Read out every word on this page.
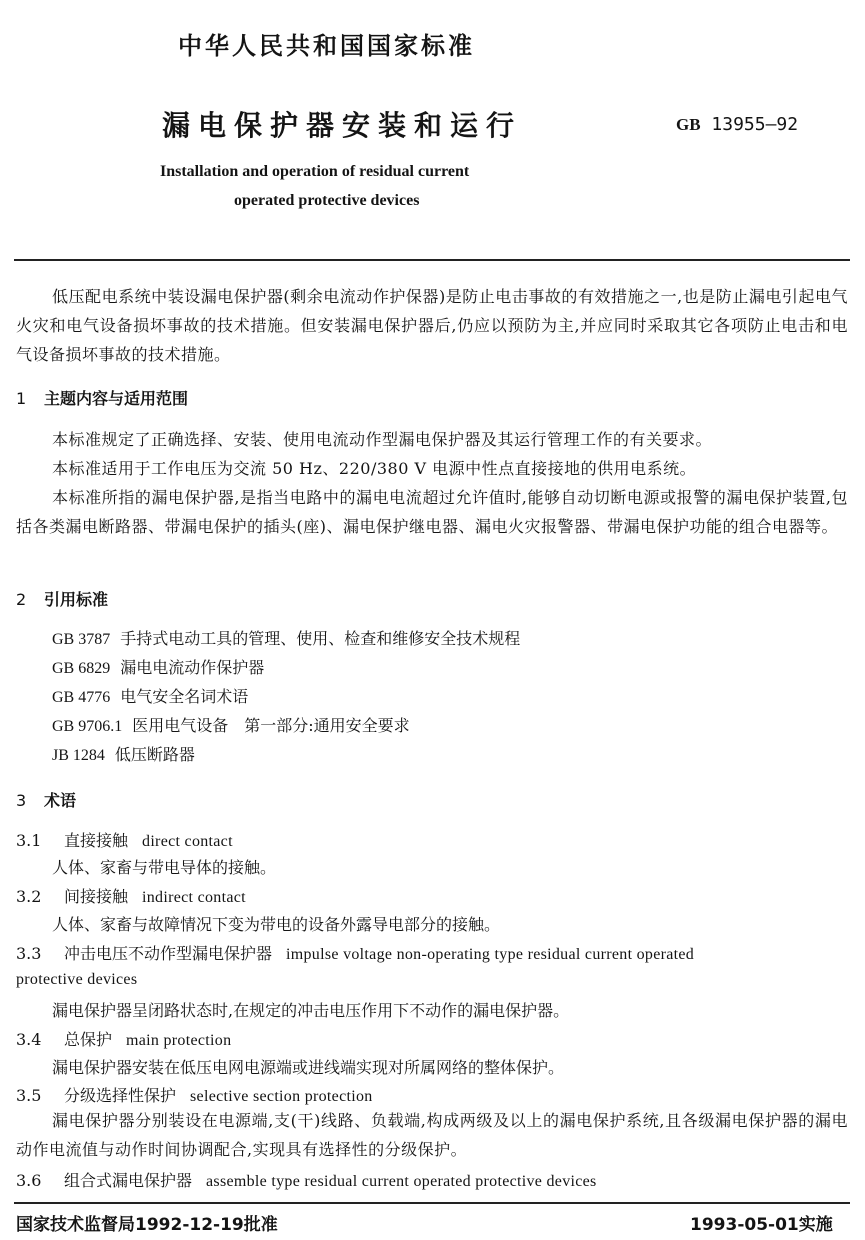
中华人民共和国国家标准
漏电保护器安装和运行	GB 13955—92
Installation and operation of residual current
operated protective devices
低压配电系统中装设漏电保护器(剩余电流动作护保器)是防止电击事故的有效措施之一,也是防止漏电引起电气火灾和电气设备损坏事故的技术措施。但安装漏电保护器后,仍应以预防为主,并应同时采取其它各项防止电击和电气设备损坏事故的技术措施。
1 主题内容与适用范围
本标准规定了正确选择、安装、使用电流动作型漏电保护器及其运行管理工作的有关要求。
本标准适用于工作电压为交流 50 Hz、220/380 V 电源中性点直接接地的供用电系统。
本标准所指的漏电保护器,是指当电路中的漏电电流超过允许值时,能够自动切断电源或报警的漏电保护装置,包括各类漏电断路器、带漏电保护的插头(座)、漏电保护继电器、漏电火灾报警器、带漏电保护功能的组合电器等。
2 引用标准
GB 3787 手持式电动工具的管理、使用、检查和维修安全技术规程
GB 6829 漏电电流动作保护器
GB 4776 电气安全名词术语
GB 9706.1 医用电气设备　第一部分:通用安全要求
JB 1284 低压断路器
3 术语
3.1 直接接触 direct contact
人体、家畜与带电导体的接触。
3.2 间接接触 indirect contact
人体、家畜与故障情况下变为带电的设备外露导电部分的接触。
3.3 冲击电压不动作型漏电保护器 impulse voltage non-operating type residual current operated
protective devices
漏电保护器呈闭路状态时,在规定的冲击电压作用下不动作的漏电保护器。
3.4 总保护 main protection
漏电保护器安装在低压电网电源端或进线端实现对所属网络的整体保护。
3.5 分级选择性保护 selective section protection
漏电保护器分别装设在电源端,支(干)线路、负载端,构成两级及以上的漏电保护系统,且各级漏电保护器的漏电动作电流值与动作时间协调配合,实现具有选择性的分级保护。
3.6 组合式漏电保护器 assemble type residual current operated protective devices
国家技术监督局1992-12-19批准	1993-05-01实施
